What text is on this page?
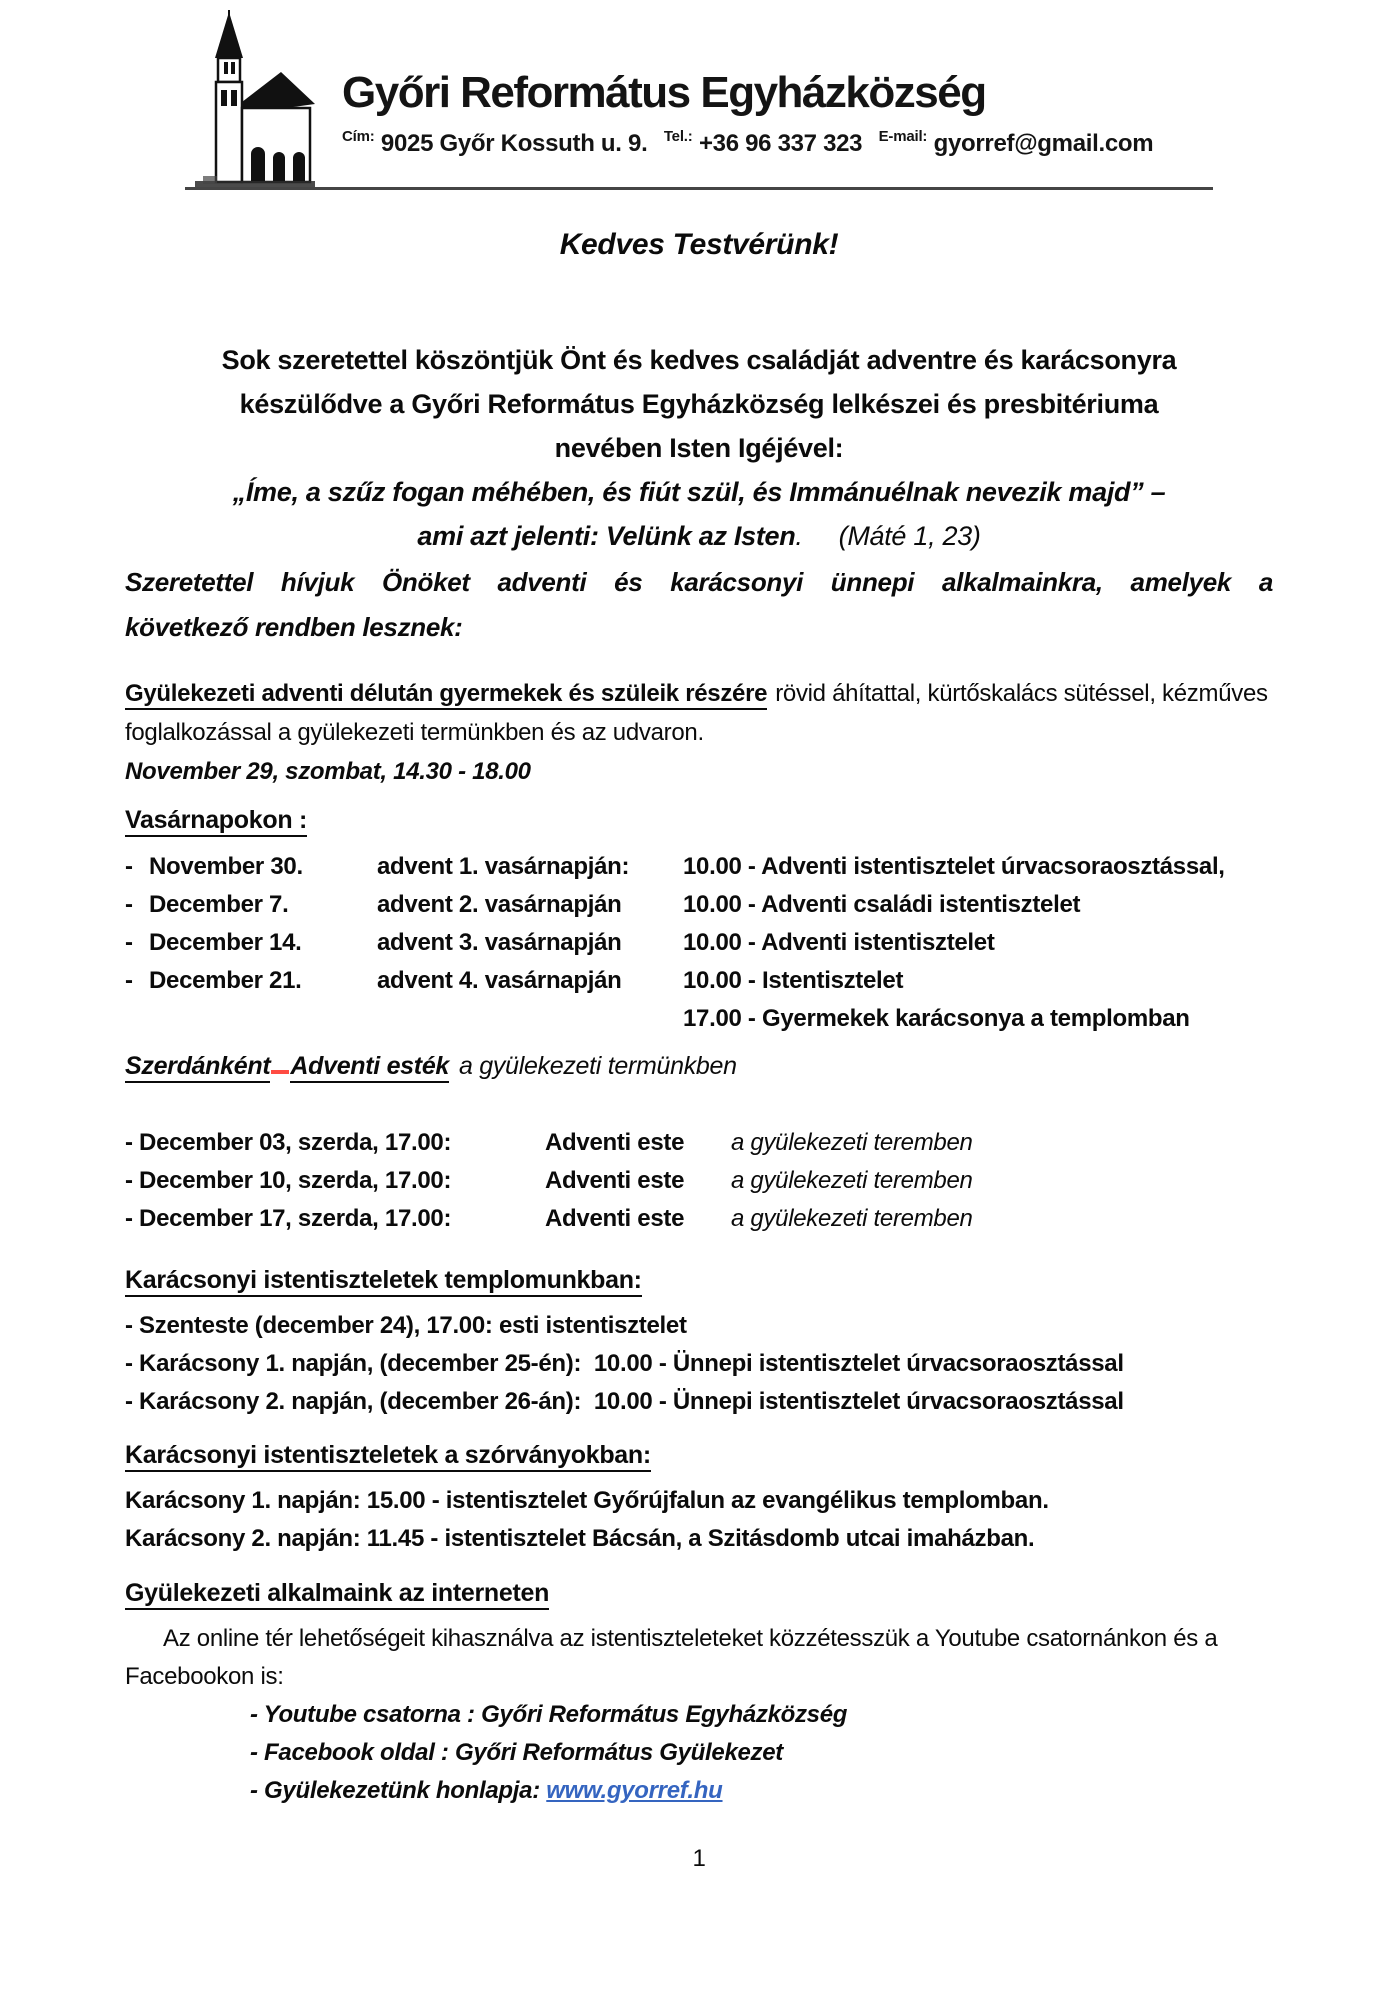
Győri Református Egyházközség
$^{Cím:}$ 9025 Győr Kossuth u. 9. $^{Tel.:}$ +36 96 337 323 $^{E-mail:}$ gyorref@gmail.com
Kedves Testvérünk!
Sok szeretettel köszöntjük Önt és kedves családját adventre és karácsonyra
készülődve a Győri Református Egyházközség lelkészei és presbitériuma
nevében Isten Igéjével:
„Íme, a szűz fogan méhében, és fiút szül, és Immánuélnak nevezik majd” –
ami azt jelenti: Velünk az Isten.     (Máté 1, 23)
Szeretettel hívjuk Önöket adventi és karácsonyi ünnepi alkalmainkra, amelyek a
következő rendben lesznek:
Gyülekezeti adventi délután gyermekek és szüleik részére rövid áhítattal, kürtőskalács sütéssel, kézműves foglalkozással a gyülekezeti termünkben és az udvaron.
November 29, szombat, 14.30 - 18.00
Vasárnapokon :
- November 30.	advent 1. vasárnapján:	10.00 - Adventi istentisztelet úrvacsoraosztással,
- December 7.	advent 2. vasárnapján	10.00 - Adventi családi istentisztelet
- December 14.	advent 3. vasárnapján	10.00 - Adventi istentisztelet
- December 21.	advent 4. vasárnapján	10.00 - Istentisztelet
17.00 - Gyermekek karácsonya a templomban
Szerdánként Adventi esték a gyülekezeti termünkben
- December 03, szerda, 17.00:	Adventi este	a gyülekezeti teremben
- December 10, szerda, 17.00:	Adventi este	a gyülekezeti teremben
- December 17, szerda, 17.00:	Adventi este	a gyülekezeti teremben
Karácsonyi istentiszteletek templomunkban:
- Szenteste (december 24), 17.00: esti istentisztelet
- Karácsony 1. napján, (december 25-én):  10.00 - Ünnepi istentisztelet úrvacsoraosztással
- Karácsony 2. napján, (december 26-án):  10.00 - Ünnepi istentisztelet úrvacsoraosztással
Karácsonyi istentiszteletek a szórványokban:
Karácsony 1. napján: 15.00 - istentisztelet Győrújfalun az evangélikus templomban.
Karácsony 2. napján: 11.45 - istentisztelet Bácsán, a Szitásdomb utcai imaházban.
Gyülekezeti alkalmaink az interneten
Az online tér lehetőségeit kihasználva az istentiszteleteket közzétesszük a Youtube csatornánkon és a Facebookon is:
- Youtube csatorna : Győri Református Egyházközség
- Facebook oldal : Győri Református Gyülekezet
- Gyülekezetünk honlapja: www.gyorref.hu
1
